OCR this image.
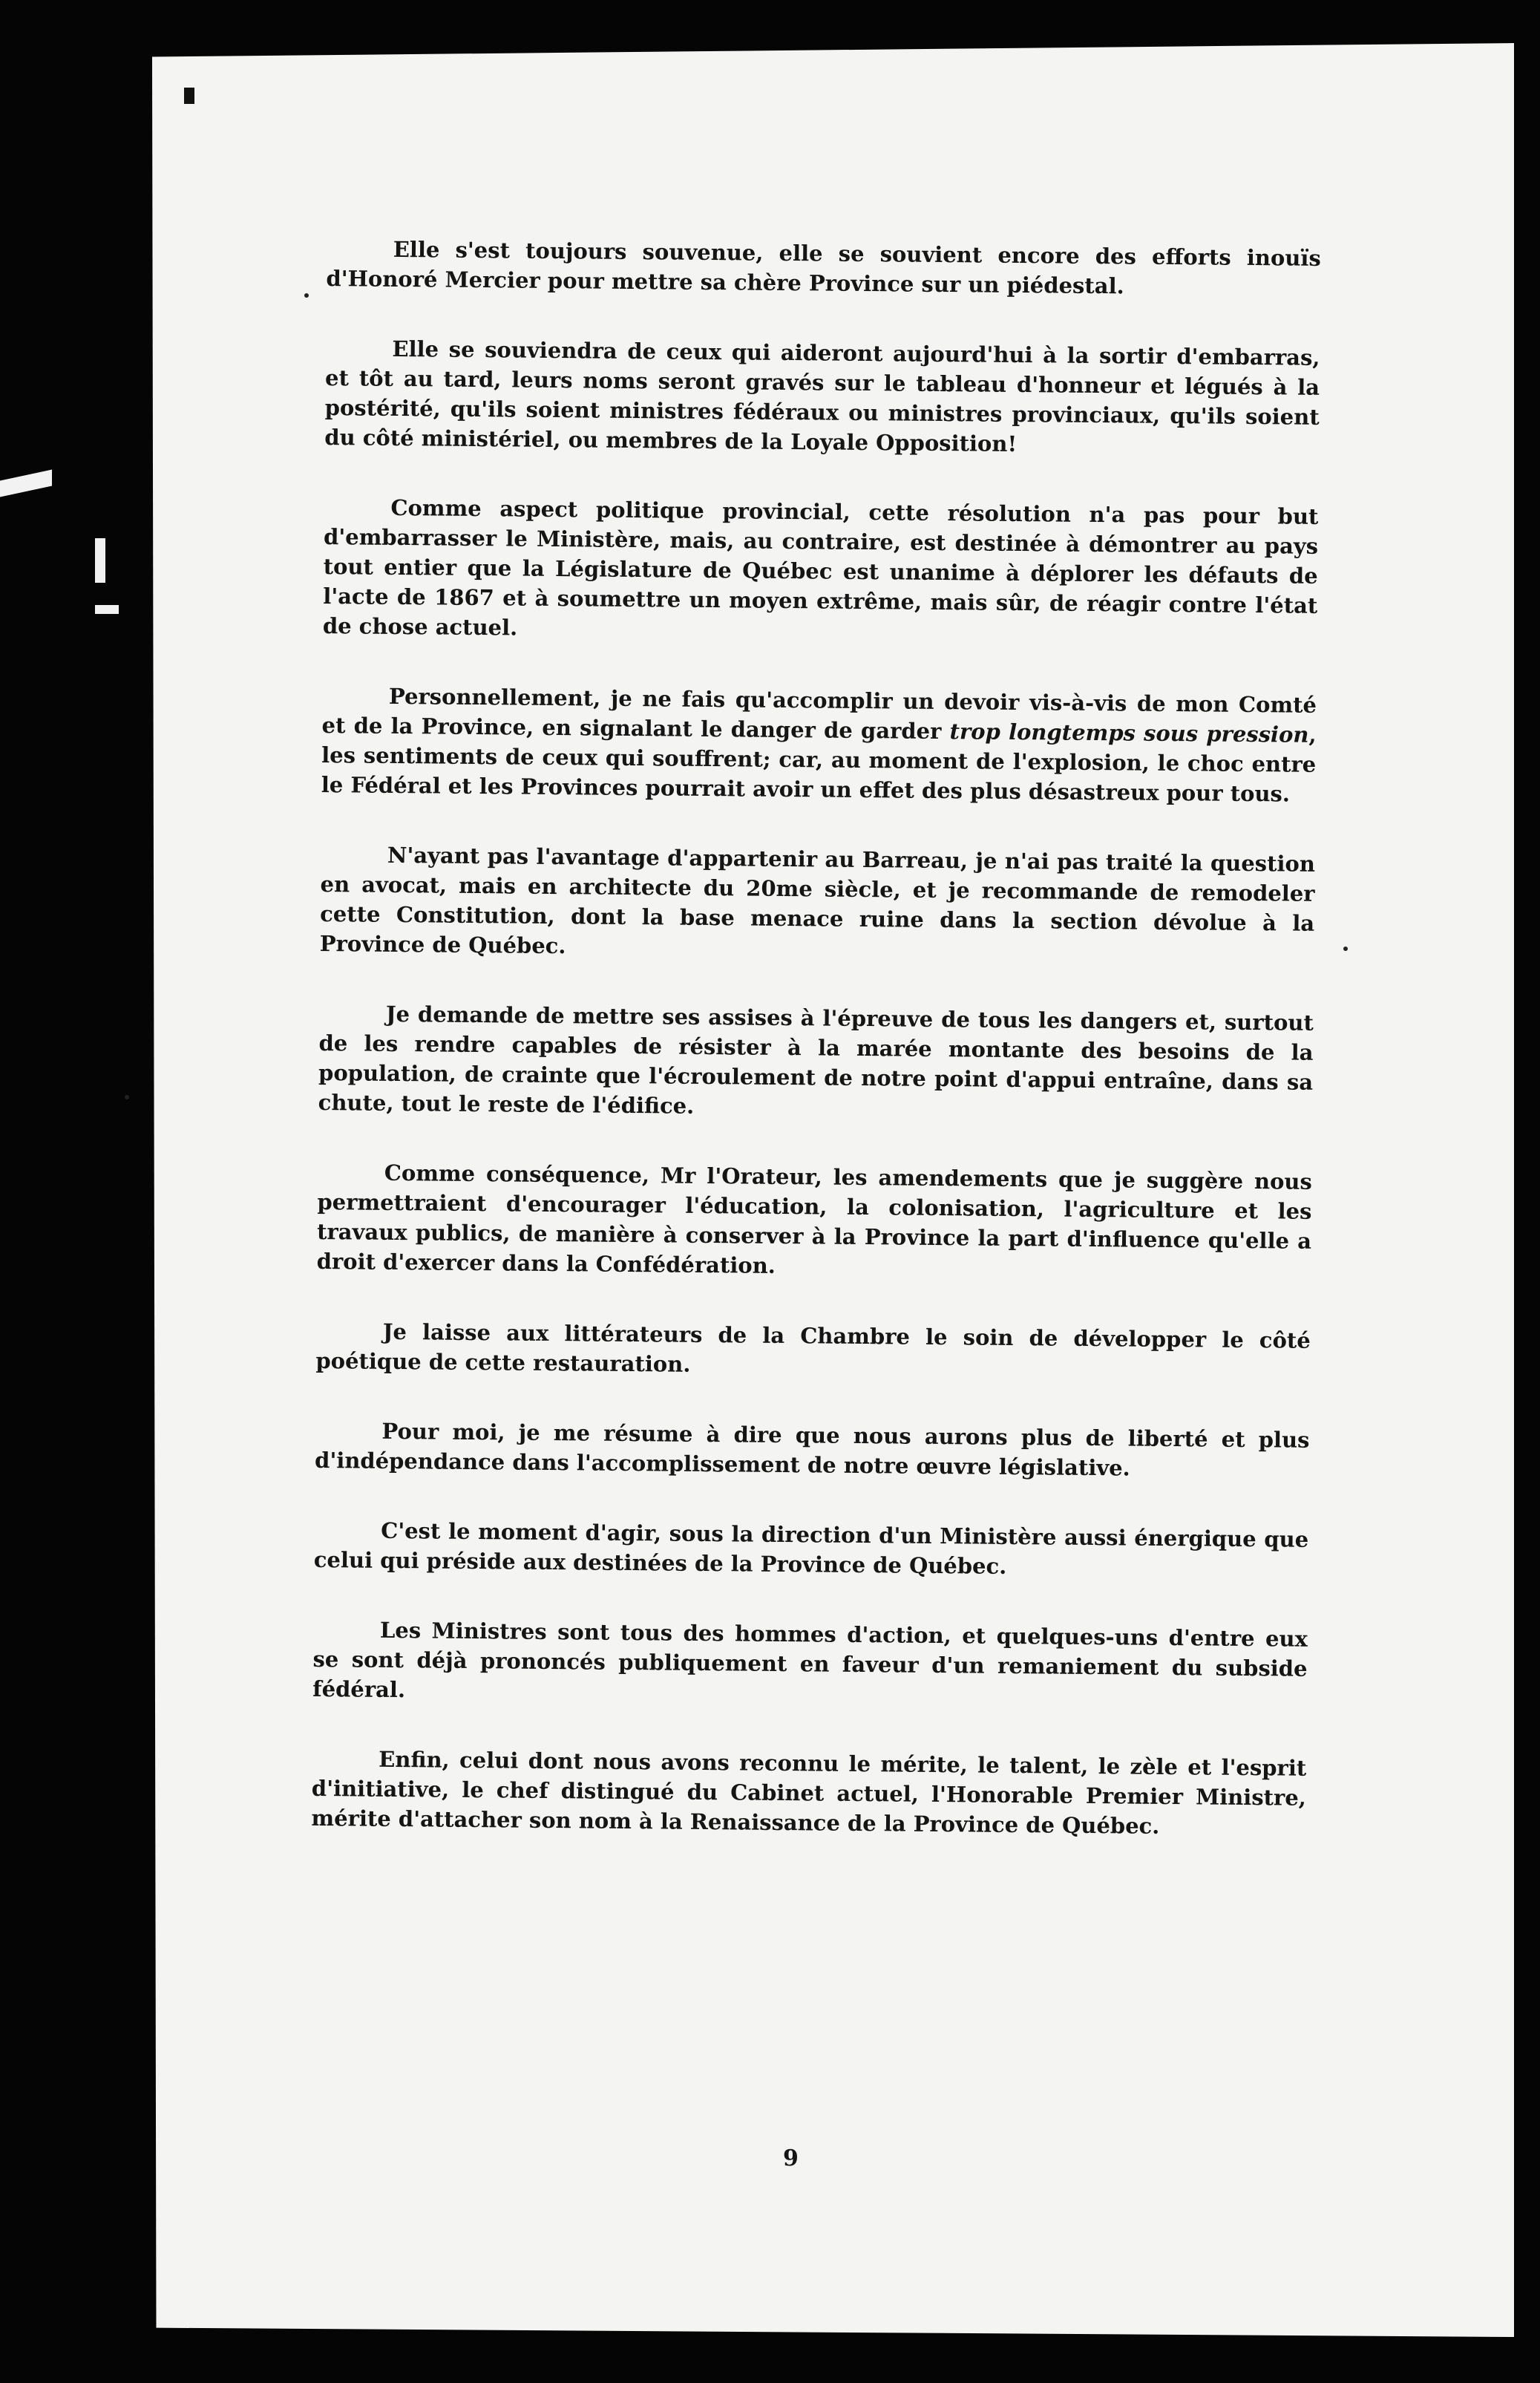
Elle s'est toujours souvenue, elle se souvient encore des efforts inouïs d'Honoré Mercier pour mettre sa chère Province sur un piédestal.

Elle se souviendra de ceux qui aideront aujourd'hui à la sortir d'embarras, et tôt au tard, leurs noms seront gravés sur le tableau d'honneur et légués à la postérité, qu'ils soient ministres fédéraux ou ministres provinciaux, qu'ils soient du côté ministériel, ou membres de la Loyale Opposition!

Comme aspect politique provincial, cette résolution n'a pas pour but d'embarrasser le Ministère, mais, au contraire, est destinée à démontrer au pays tout entier que la Législature de Québec est unanime à déplorer les défauts de l'acte de 1867 et à soumettre un moyen extrême, mais sûr, de réagir contre l'état de chose actuel.

Personnellement, je ne fais qu'accomplir un devoir vis-à-vis de mon Comté et de la Province, en signalant le danger de garder trop longtemps sous pression, les sentiments de ceux qui souffrent; car, au moment de l'explosion, le choc entre le Fédéral et les Provinces pourrait avoir un effet des plus désastreux pour tous.

N'ayant pas l'avantage d'appartenir au Barreau, je n'ai pas traité la question en avocat, mais en architecte du 20me siècle, et je recommande de remodeler cette Constitution, dont la base menace ruine dans la section dévolue à la Province de Québec.

Je demande de mettre ses assises à l'épreuve de tous les dangers et, surtout de les rendre capables de résister à la marée montante des besoins de la population, de crainte que l'écroulement de notre point d'appui entraîne, dans sa chute, tout le reste de l'édifice.

Comme conséquence, Mr l'Orateur, les amendements que je suggère nous permettraient d'encourager l'éducation, la colonisation, l'agriculture et les travaux publics, de manière à conserver à la Province la part d'influence qu'elle a droit d'exercer dans la Confédération.

Je laisse aux littérateurs de la Chambre le soin de développer le côté poétique de cette restauration.

Pour moi, je me résume à dire que nous aurons plus de liberté et plus d'indépendance dans l'accomplissement de notre œuvre législative.

C'est le moment d'agir, sous la direction d'un Ministère aussi énergique que celui qui préside aux destinées de la Province de Québec.

Les Ministres sont tous des hommes d'action, et quelques-uns d'entre eux se sont déjà prononcés publiquement en faveur d'un remaniement du subside fédéral.

Enfin, celui dont nous avons reconnu le mérite, le talent, le zèle et l'esprit d'initiative, le chef distingué du Cabinet actuel, l'Honorable Premier Ministre, mérite d'attacher son nom à la Renaissance de la Province de Québec.

9
